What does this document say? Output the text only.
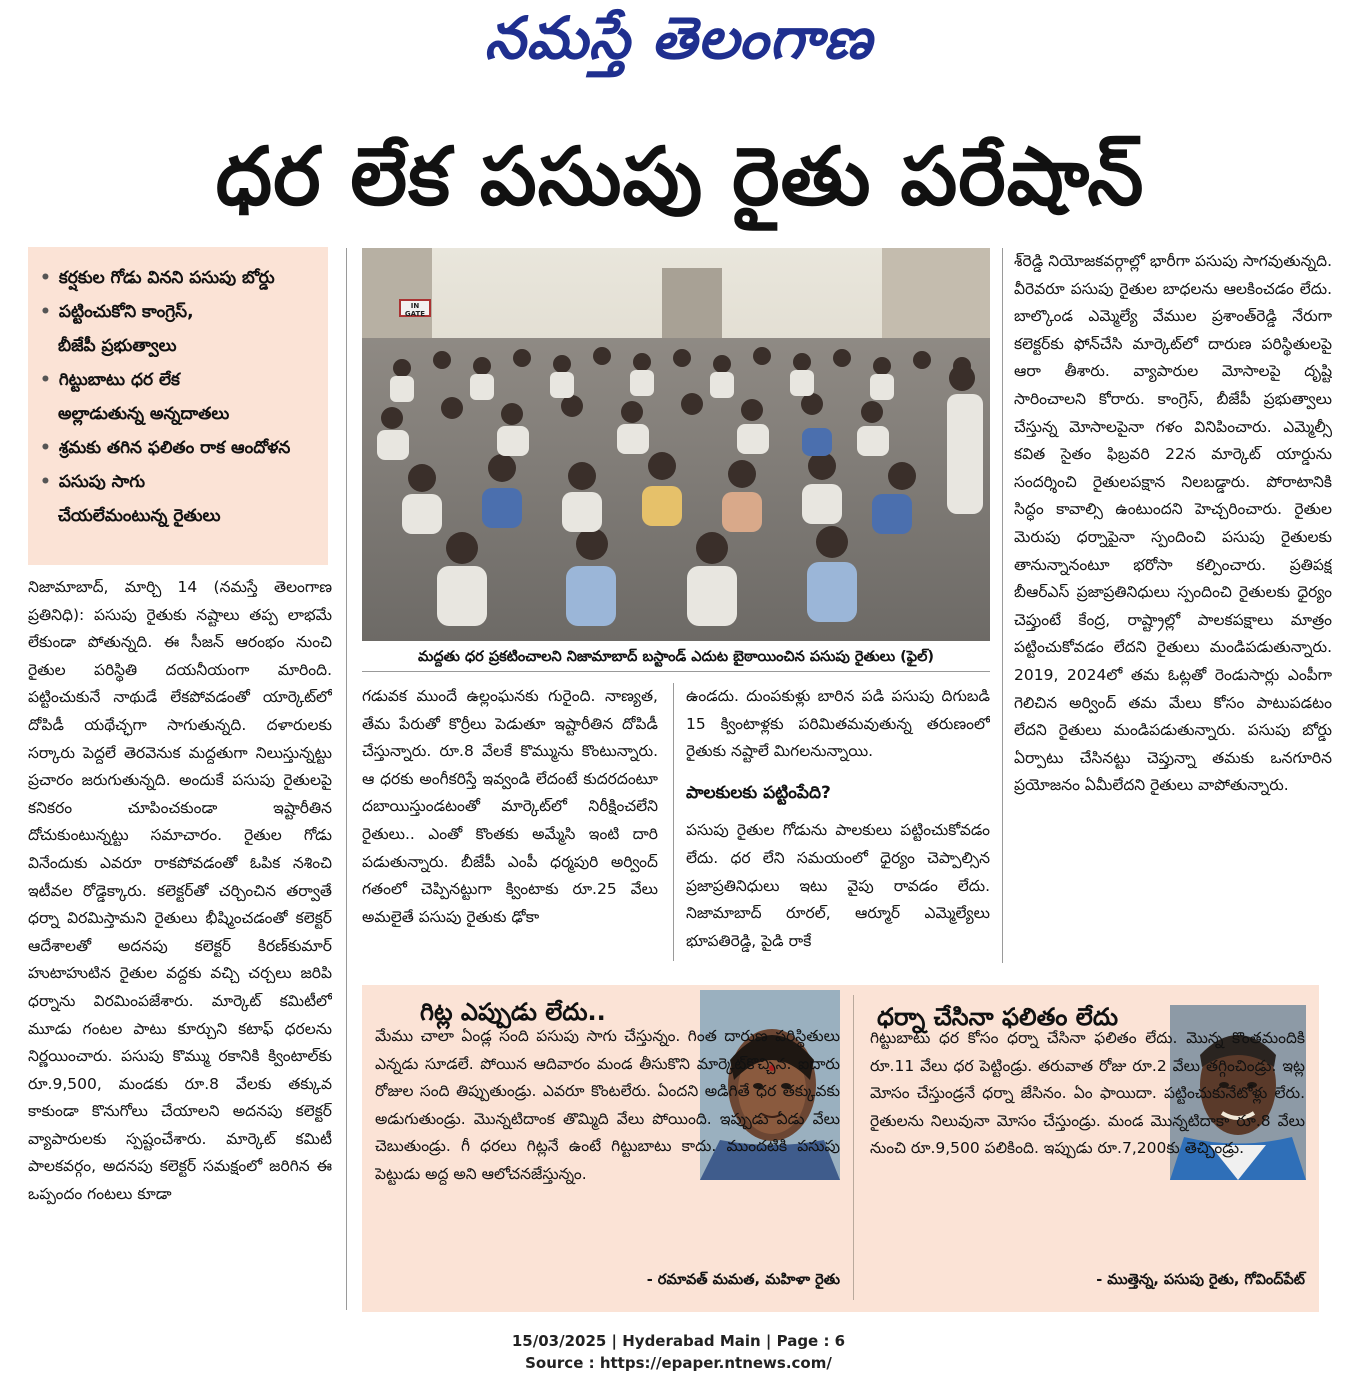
నమస్తే తెలంగాణ
ధర లేక పసుపు రైతు పరేషాన్
• కర్షకుల గోడు వినని పసుపు బోర్డు
• పట్టించుకోని కాంగ్రెస్,
బీజేపీ ప్రభుత్వాలు
• గిట్టుబాటు ధర లేక
అల్లాడుతున్న అన్నదాతలు
• శ్రమకు తగిన ఫలితం రాక ఆందోళన
• పసుపు సాగు
చేయలేమంటున్న రైతులు

నిజామాబాద్, మార్చి 14 (నమస్తే తెలంగాణ ప్రతినిధి): పసుపు రైతుకు నష్టాలు తప్ప లాభమే లేకుండా పోతున్నది. ఈ సీజన్ ఆరంభం నుంచి రైతుల పరిస్థితి దయనీయంగా మారింది. పట్టించుకునే నాథుడే లేకపోవడంతో యార్కెట్‌లో దోపిడీ యథేచ్ఛగా సాగుతున్నది. దళారులకు సర్కారు పెద్దలే తెరవెనుక మద్దతుగా నిలుస్తున్నట్టు ప్రచారం జరుగుతున్నది. అందుకే పసుపు రైతులపై కనికరం చూపించకుండా ఇష్టారీతిన దోచుకుంటున్నట్టు సమాచారం. రైతుల గోడు వినేందుకు ఎవరూ రాకపోవడంతో ఓపిక నశించి ఇటీవల రోడ్డెక్కారు. కలెక్టర్‌తో చర్చించిన తర్వాతే ధర్నా విరమిస్తామని రైతులు భీష్మించడంతో కలెక్టర్ ఆదేశాలతో అదనపు కలెక్టర్ కిరణ్‌కుమార్ హుటాహుటిన రైతుల వద్దకు వచ్చి చర్చలు జరిపి ధర్నాను విరమింపజేశారు. మార్కెట్ కమిటీలో మూడు గంటల పాటు కూర్చుని కటాఫ్ ధరలను నిర్ణయించారు. పసుపు కొమ్ము రకానికి క్వింటాల్‌కు రూ.9,500, మండకు రూ.8 వేలకు తక్కువ కాకుండా కొనుగోలు చేయాలని అదనపు కలెక్టర్ వ్యాపారులకు స్పష్టంచేశారు. మార్కెట్ కమిటీ పాలకవర్గం, అదనపు కలెక్టర్ సమక్షంలో జరిగిన ఈ ఒప్పందం గంటలు కూడా

IN GATE
మద్దతు ధర ప్రకటించాలని నిజామాబాద్ బస్టాండ్ ఎదుట బైఠాయించిన పసుపు రైతులు (ఫైల్)

గడువక ముందే ఉల్లంఘనకు గురైంది. నాణ్యత, తేమ పేరుతో కొర్రీలు పెడుతూ ఇష్టారీతిన దోపిడీ చేస్తున్నారు. రూ.8 వేలకే కొమ్మును కొంటున్నారు. ఆ ధరకు అంగీకరిస్తే ఇవ్వండి లేదంటే కుదరదంటూ దబాయిస్తుండటంతో మార్కెట్‌లో నిరీక్షించలేని రైతులు.. ఎంతో కొంతకు అమ్మేసి ఇంటి దారి పడుతున్నారు. బీజేపీ ఎంపీ ధర్మపురి అర్వింద్ గతంలో చెప్పినట్టుగా క్వింటాకు రూ.25 వేలు అమలైతే పసుపు రైతుకు ఢోకా

ఉండదు. దుంపకుళ్లు బారిన పడి పసుపు దిగుబడి 15 క్వింటాళ్లకు పరిమితమవుతున్న తరుణంలో రైతుకు నష్టాలే మిగలనున్నాయి.

పాలకులకు పట్టింపేది?

పసుపు రైతుల గోడును పాలకులు పట్టించుకోవడం లేదు. ధర లేని సమయంలో ధైర్యం చెప్పాల్సిన ప్రజాప్రతినిధులు ఇటు వైపు రావడం లేదు. నిజామాబాద్ రూరల్, ఆర్మూర్ ఎమ్మెల్యేలు భూపతిరెడ్డి, పైడి రాకే

శ్‌రెడ్డి నియోజకవర్గాల్లో భారీగా పసుపు సాగవుతున్నది. వీరెవరూ పసుపు రైతుల బాధలను ఆలకించడం లేదు. బాల్కొండ ఎమ్మెల్యే వేముల ప్రశాంత్‌రెడ్డి నేరుగా కలెక్టర్‌కు ఫోన్‌చేసి మార్కెట్‌లో దారుణ పరిస్థితులపై ఆరా తీశారు. వ్యాపారుల మోసాలపై దృష్టి సారించాలని కోరారు. కాంగ్రెస్, బీజేపీ ప్రభుత్వాలు చేస్తున్న మోసాలపైనా గళం వినిపించారు. ఎమ్మెల్సీ కవిత సైతం ఫిబ్రవరి 22న మార్కెట్ యార్డును సందర్శించి రైతులపక్షాన నిలబడ్డారు. పోరాటానికి సిద్ధం కావాల్సి ఉంటుందని హెచ్చరించారు. రైతుల మెరుపు ధర్నాపైనా స్పందించి పసుపు రైతులకు తానున్నానంటూ భరోసా కల్పించారు. ప్రతిపక్ష బీఆర్ఎస్ ప్రజాప్రతినిధులు స్పందించి రైతులకు ధైర్యం చెప్తుంటే కేంద్ర, రాష్ట్రాల్లో పాలకపక్షాలు మాత్రం పట్టించుకోవడం లేదని రైతులు మండిపడుతున్నారు. 2019, 2024లో తమ ఓట్లతో రెండుసార్లు ఎంపీగా గెలిచిన అర్వింద్ తమ మేలు కోసం పాటుపడటం లేదని రైతులు మండిపడుతున్నారు. పసుపు బోర్డు ఏర్పాటు చేసినట్టు చెప్తున్నా తమకు ఒనగూరిన ప్రయోజనం ఏమీలేదని రైతులు వాపోతున్నారు.

గిట్ల ఎప్పుడు లేదు..
మేము చాలా ఏండ్ల సంది పసుపు సాగు చేస్తున్నం. గింత దారుణ పరిస్థితులు ఎన్నడు సూడలే. పోయిన ఆదివారం మండ తీసుకొని మార్కెట్‌కొచ్చిన. ఐదారు రోజుల సంది తిప్పుతుండ్రు. ఎవరూ కొంటలేరు. ఏందని అడిగితే ధర తక్కువకు అడుగుతుండ్రు. మొన్నటిదాంక తొమ్మిది వేలు పోయింది. ఇప్పుడు ఏడు వేలు చెబుతుండ్రు. గీ ధరలు గిట్లనే ఉంటే గిట్టుబాటు కాదు. ముందటికి పసుపు పెట్టుడు అద్ద అని ఆలోచనజేస్తున్నం.
- రమావత్ మమత, మహిళా రైతు
ధర్నా చేసినా ఫలితం లేదు
గిట్టుబాటు ధర కోసం ధర్నా చేసినా ఫలితం లేదు. మొన్న కొంతమందికి రూ.11 వేలు ధర పెట్టిండ్రు. తరువాత రోజు రూ.2 వేలు తగ్గించిండ్రు. ఇట్ల మోసం చేస్తుండ్రనే ధర్నా జేసినం. ఏం ఫాయిదా. పట్టించుకునేటోళ్లు లేరు. రైతులను నిలువునా మోసం చేస్తుండ్రు. మండ మొన్నటిదాకా రూ.8 వేలు నుంచి రూ.9,500 పలికింది. ఇప్పుడు రూ.7,200కు తెచ్చిండ్రు.
- ముత్తెన్న, పసుపు రైతు, గోవింద్‌పేట్
15/03/2025 | Hyderabad Main | Page : 6
Source : https://epaper.ntnews.com/
